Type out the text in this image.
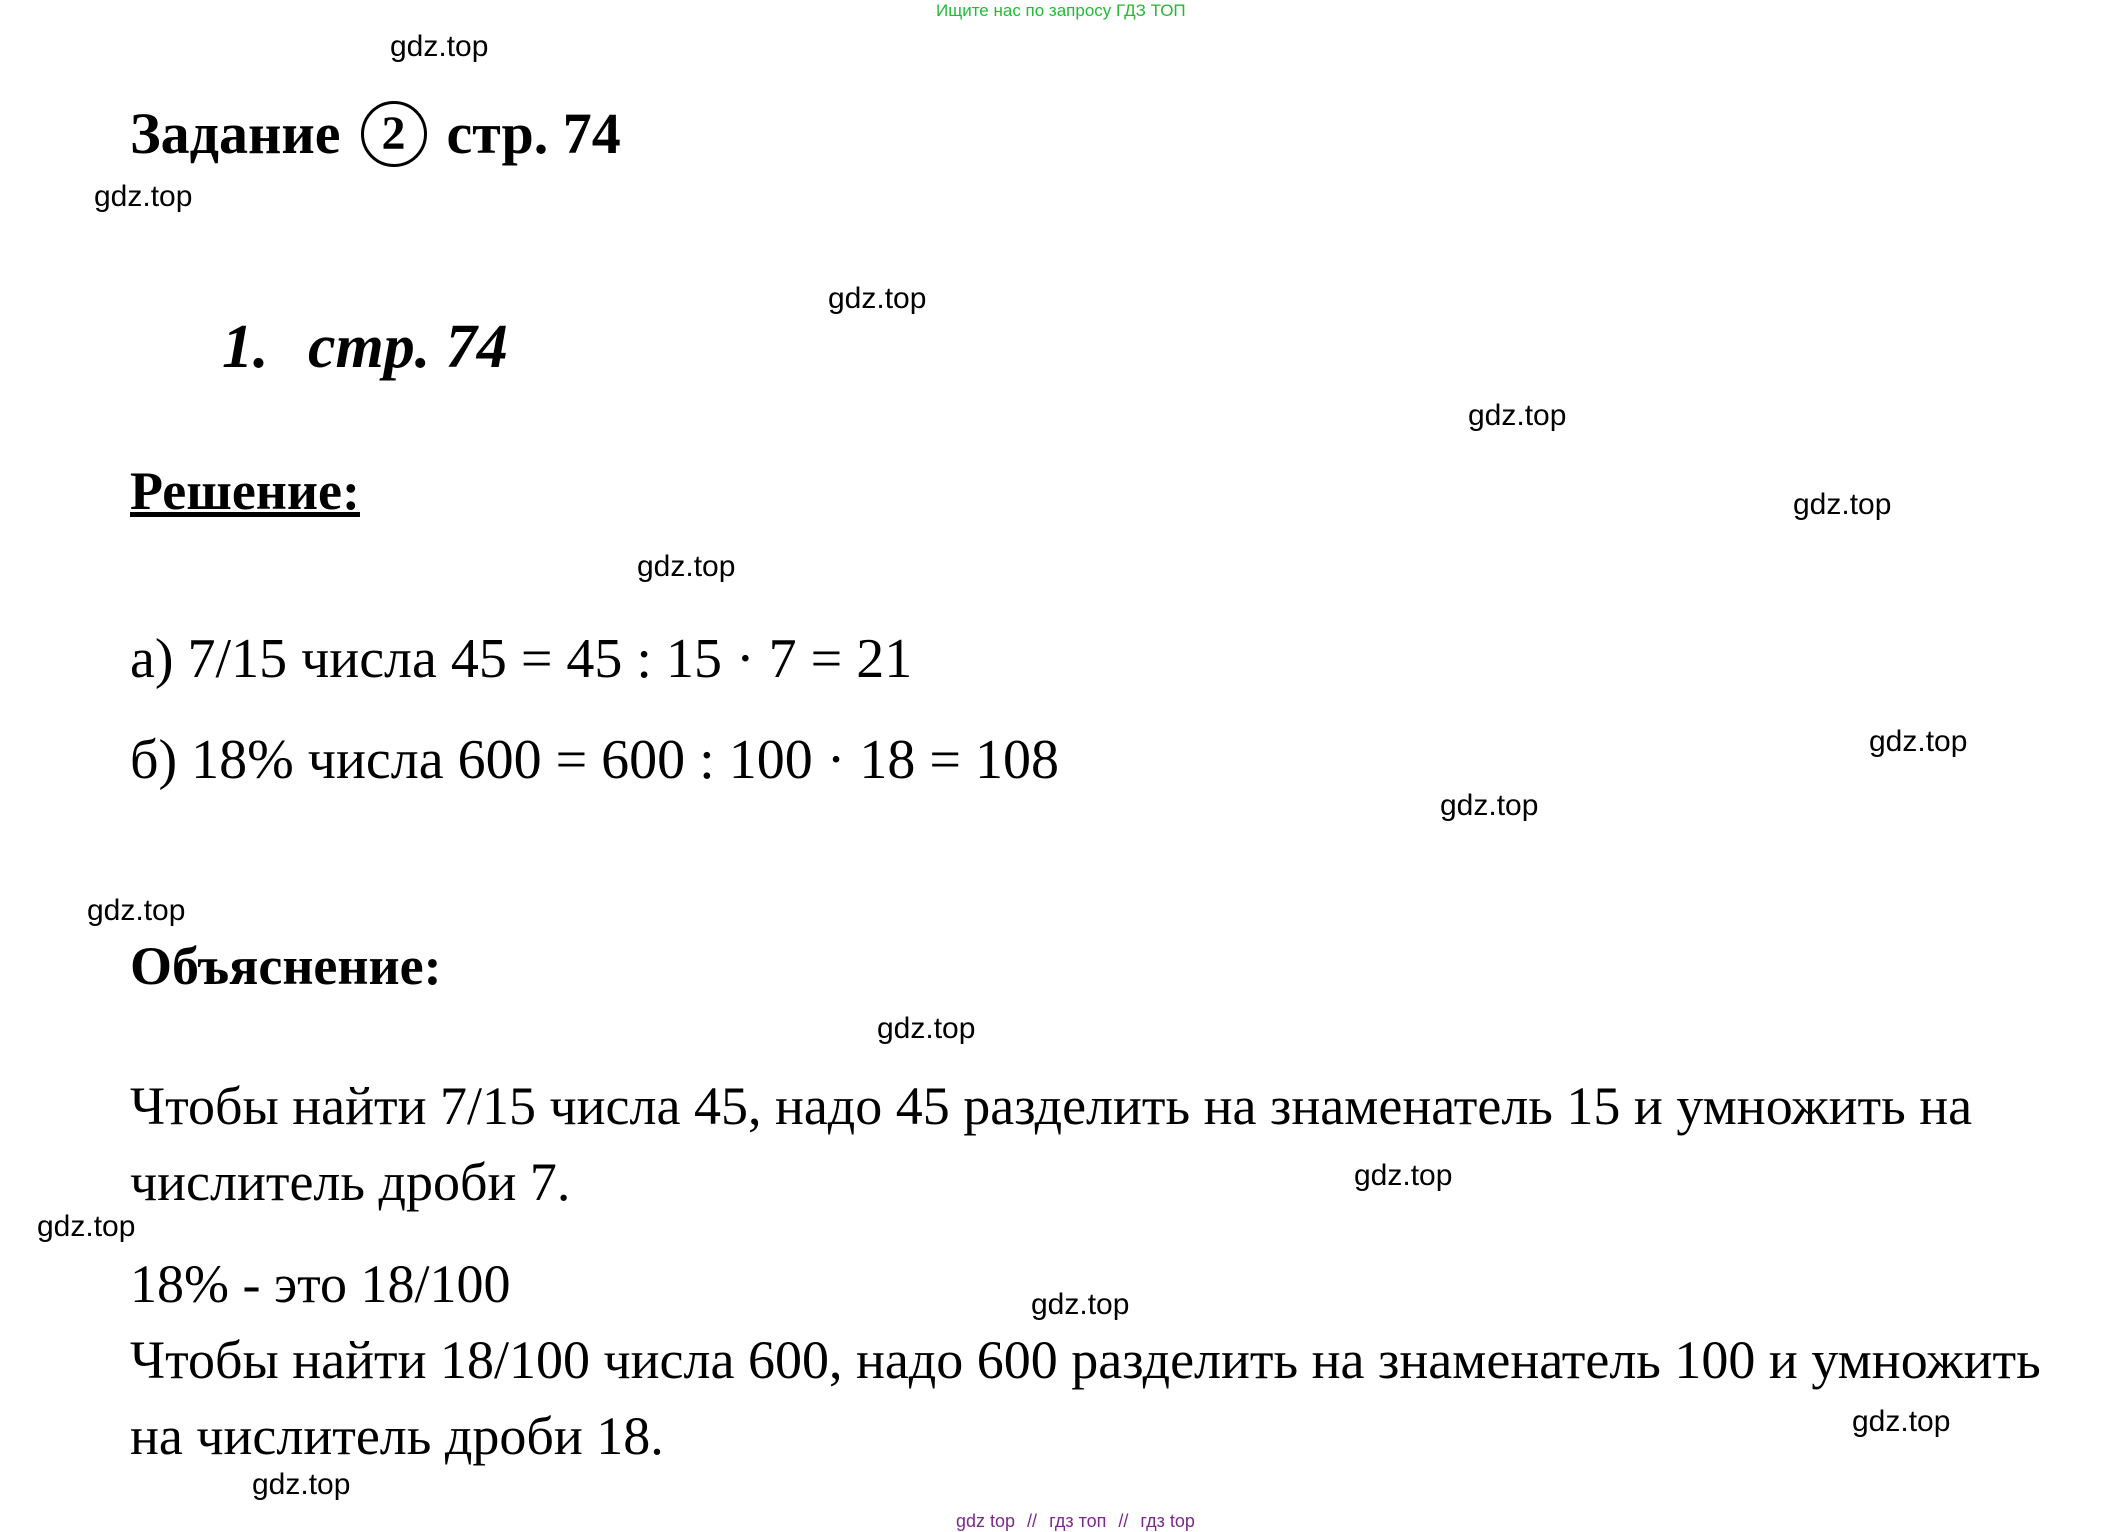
Ищите нас по запросу ГДЗ ТОП
Задание 2 стр. 74
1. стр. 74
Решение:
а) 7/15 числа 45 = 45 : 15 · 7 = 21
б) 18% числа 600 = 600 : 100 · 18 = 108
Объяснение:
Чтобы найти 7/15 числа 45, надо 45 разделить на знаменатель 15 и умножить на числитель дроби 7.
18% - это 18/100
Чтобы найти 18/100 числа 600, надо 600 разделить на знаменатель 100 и умножить на числитель дроби 18.
gdz.top
gdz.top
gdz.top
gdz.top
gdz.top
gdz.top
gdz.top
gdz.top
gdz.top
gdz.top
gdz.top
gdz.top
gdz.top
gdz.top
gdz.top
gdz top // гдз топ // гдз top
